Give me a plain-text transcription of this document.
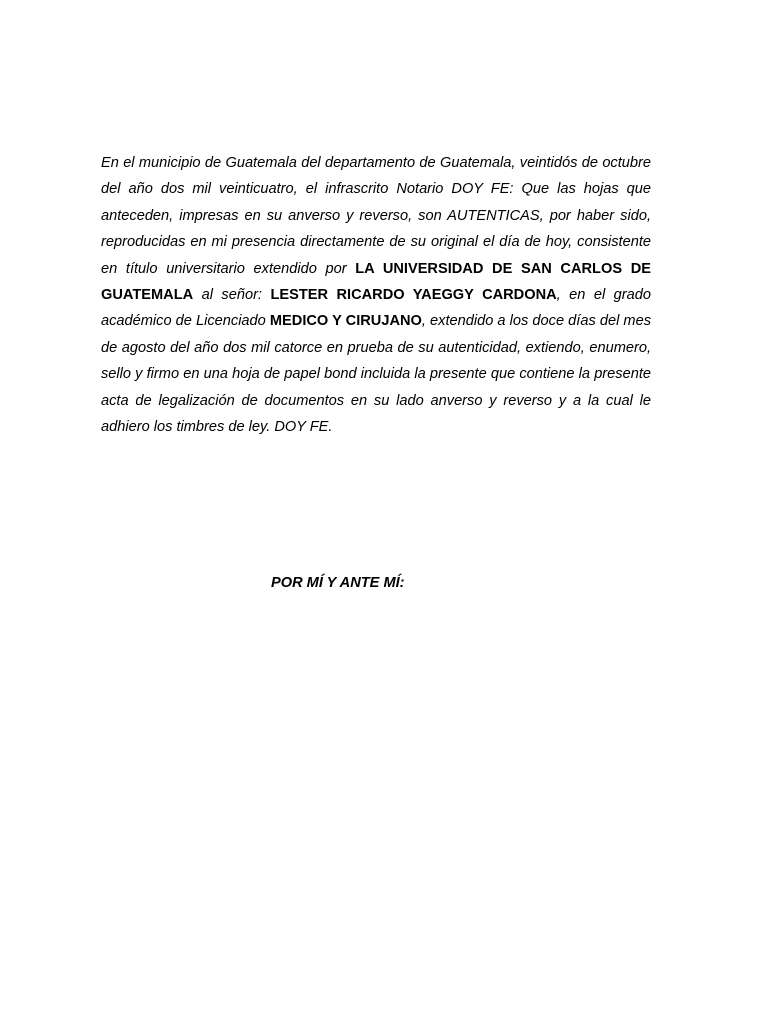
En el municipio de Guatemala del departamento de Guatemala, veintidós de octubre del año dos mil veinticuatro, el infrascrito Notario DOY FE: Que las hojas que anteceden, impresas en su anverso y reverso, son AUTENTICAS, por haber sido, reproducidas en mi presencia directamente de su original el día de hoy, consistente en título universitario extendido por LA UNIVERSIDAD DE SAN CARLOS DE GUATEMALA al señor: LESTER RICARDO YAEGGY CARDONA, en el grado académico de Licenciado MEDICO Y CIRUJANO, extendido a los doce días del mes de agosto del año dos mil catorce en prueba de su autenticidad, extiendo, enumero, sello y firmo en una hoja de papel bond incluida la presente que contiene la presente acta de legalización de documentos en su lado anverso y reverso y a la cual le adhiero los timbres de ley. DOY FE.

POR MÍ Y ANTE MÍ:
